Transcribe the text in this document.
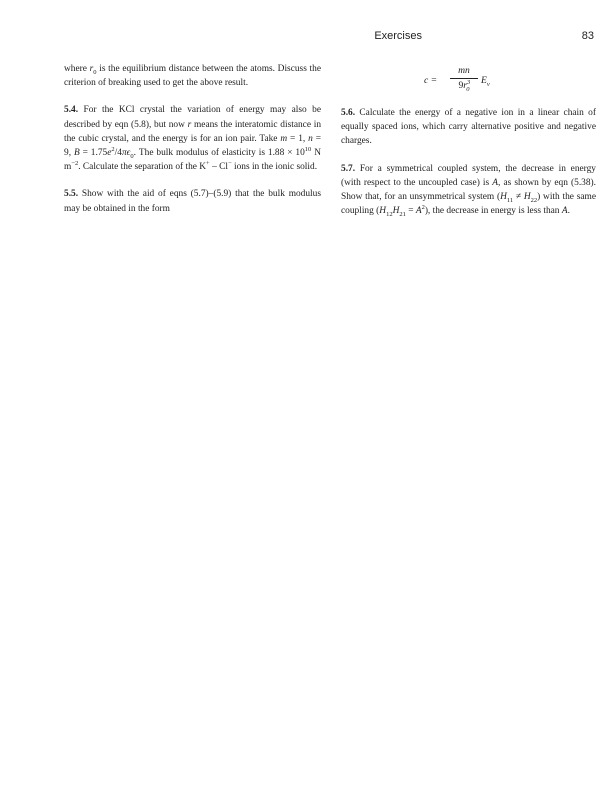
Exercises	83

where $r_0$ is the equilibrium distance between the atoms. Discuss the criterion of breaking used to get the above result.

5.4. For the KCl crystal the variation of energy may also be described by eqn (5.8), but now r means the interatomic distance in the cubic crystal, and the energy is for an ion pair. Take m = 1, n = 9, $B = 1.75e^2/4\pi\epsilon_0$. The bulk modulus of elasticity is $1.88 \times 10^{10}$ N $m^{-2}$. Calculate the separation of the K+ – Cl− ions in the ionic solid.

5.5. Show with the aid of eqns (5.7)–(5.9) that the bulk modulus may be obtained in the form

c =
mn
$9r^3_0$
$E_v$

5.6. Calculate the energy of a negative ion in a linear chain of equally spaced ions, which carry alternative positive and negative charges.

5.7. For a symmetrical coupled system, the decrease in energy (with respect to the uncoupled case) is A, as shown by eqn (5.38). Show that, for an unsymmetrical system $(H_{11} \ne H_{22})$ with the same coupling $(H_{12}H_{21} = A^2)$, the decrease in energy is less than A.
